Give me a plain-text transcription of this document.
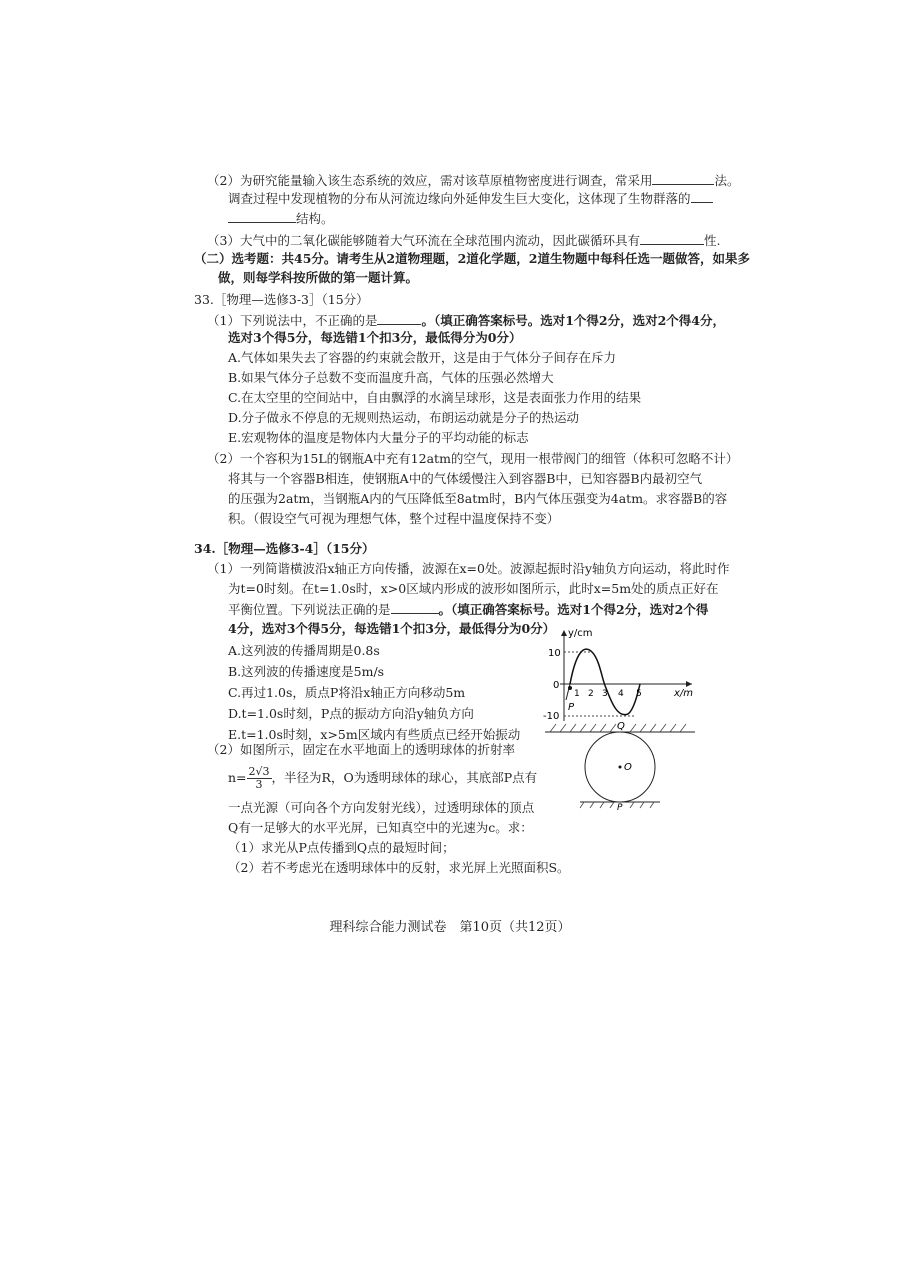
（2）为研究能量输入该生态系统的效应，需对该草原植物密度进行调查，常采用	法。
调查过程中发现植物的分布从河流边缘向外延伸发生巨大变化，这体现了生物群落的
结构。
（3）大气中的二氧化碳能够随着大气环流在全球范围内流动，因此碳循环具有	性.
（二）选考题：共45分。请考生从2道物理题，2道化学题，2道生物题中每科任选一题做答，如果多
做，则每学科按所做的第一题计算。
33.［物理—选修3-3］（15分）
（1）下列说法中，不正确的是	。（填正确答案标号。选对1个得2分，选对2个得4分，
选对3个得5分，每选错1个扣3分，最低得分为0分）
A.气体如果失去了容器的约束就会散开，这是由于气体分子间存在斥力
B.如果气体分子总数不变而温度升高，气体的压强必然增大
C.在太空里的空间站中，自由飘浮的水滴呈球形，这是表面张力作用的结果
D.分子做永不停息的无规则热运动，布朗运动就是分子的热运动
E.宏观物体的温度是物体内大量分子的平均动能的标志
（2）一个容积为15L的钢瓶A中充有12atm的空气，现用一根带阀门的细管（体积可忽略不计）
将其与一个容器B相连，使钢瓶A中的气体缓慢注入到容器B中，已知容器B内最初空气
的压强为2atm，当钢瓶A内的气压降低至8atm时，B内气体压强变为4atm。求容器B的容
积。（假设空气可视为理想气体，整个过程中温度保持不变）
34.［物理—选修3-4］（15分）
（1）一列简谐横波沿x轴正方向传播，波源在x=0处。波源起振时沿y轴负方向运动，将此时作
为t=0时刻。在t=1.0s时，x>0区域内形成的波形如图所示，此时x=5m处的质点正好在
平衡位置。下列说法正确的是	。（填正确答案标号。选对1个得2分，选对2个得
4分，选对3个得5分，每选错1个扣3分，最低得分为0分）
A.这列波的传播周期是0.8s
B.这列波的传播速度是5m/s
C.再过1.0s，质点P将沿x轴正方向移动5m
D.t=1.0s时刻，P点的振动方向沿y轴负方向
E.t=1.0s时刻，x>5m区域内有些质点已经开始振动
P
y/cm
x/m
10
0
-10
1 2 3 4 5
（2）如图所示，固定在水平地面上的透明球体的折射率
$n= \frac{2√3}{3}$ ，半径为R，O为透明球体的球心，其底部P点有
一点光源（可向各个方向发射光线），过透明球体的顶点
Q有一足够大的水平光屏，已知真空中的光速为c。求：
（1）求光从P点传播到Q点的最短时间；
（2）若不考虑光在透明球体中的反射，求光屏上光照面积S。
Q
O
P
理科综合能力测试卷　第10页（共12页）
